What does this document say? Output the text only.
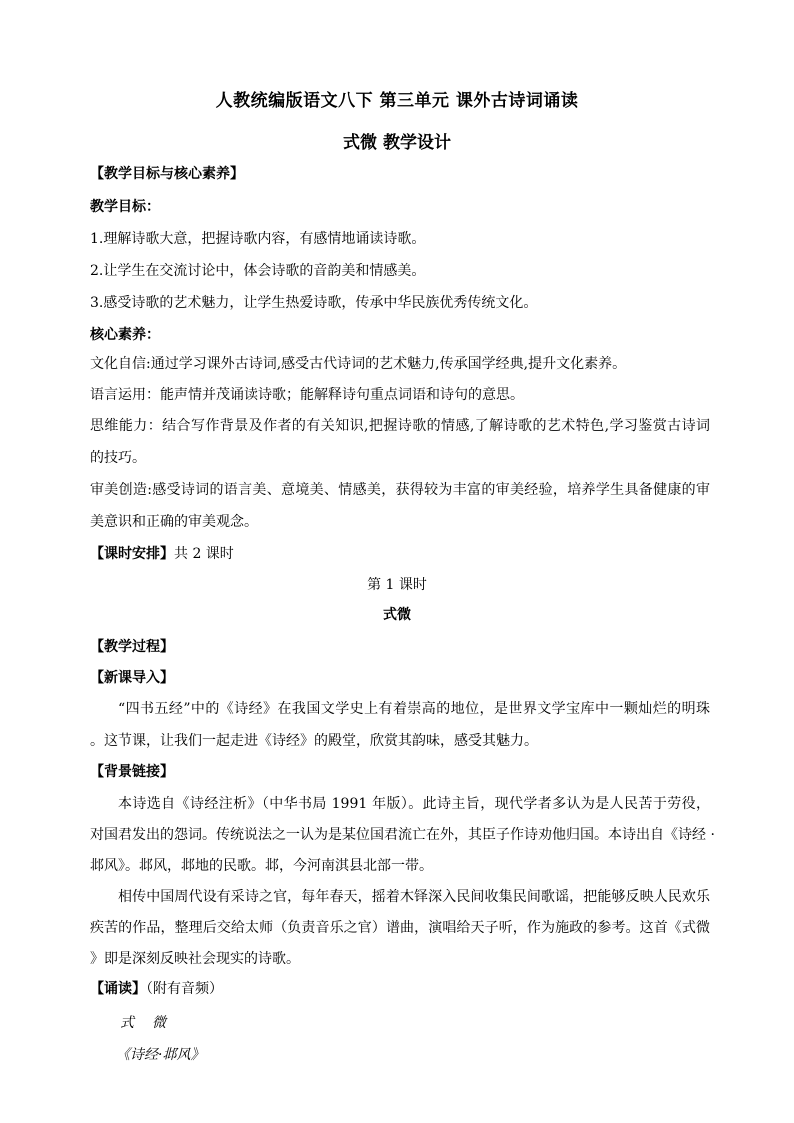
人教统编版语文八下 第三单元 课外古诗词诵读
式微 教学设计
【教学目标与核心素养】
教学目标：
1.理解诗歌大意，把握诗歌内容，有感情地诵读诗歌。
2.让学生在交流讨论中，体会诗歌的音韵美和情感美。
3.感受诗歌的艺术魅力，让学生热爱诗歌，传承中华民族优秀传统文化。
核心素养：
文化自信:通过学习课外古诗词,感受古代诗词的艺术魅力,传承国学经典,提升文化素养。
语言运用：能声情并茂诵读诗歌；能解释诗句重点词语和诗句的意思。
思维能力：结合写作背景及作者的有关知识,把握诗歌的情感,了解诗歌的艺术特色,学习鉴赏古诗词
的技巧。
审美创造:感受诗词的语言美、意境美、情感美，获得较为丰富的审美经验，培养学生具备健康的审
美意识和正确的审美观念。
【课时安排】共 2 课时
第 1 课时
式微
【教学过程】
【新课导入】
“四书五经”中的《诗经》在我国文学史上有着崇高的地位，是世界文学宝库中一颗灿烂的明珠
。这节课，让我们一起走进《诗经》的殿堂，欣赏其韵味，感受其魅力。
【背景链接】
本诗选自《诗经注析》（中华书局 1991 年版）。此诗主旨，现代学者多认为是人民苦于劳役，
对国君发出的怨词。传统说法之一认为是某位国君流亡在外，其臣子作诗劝他归国。本诗出自《诗经 ·
邶风》。邶风，邶地的民歌。邶，今河南淇县北部一带。
相传中国周代设有采诗之官，每年春天，摇着木铎深入民间收集民间歌谣，把能够反映人民欢乐
疾苦的作品，整理后交给太师（负责音乐之官）谱曲，演唱给天子听，作为施政的参考。这首《式微
》即是深刻反映社会现实的诗歌。
【诵读】（附有音频）
式微
《诗经·邶风》
